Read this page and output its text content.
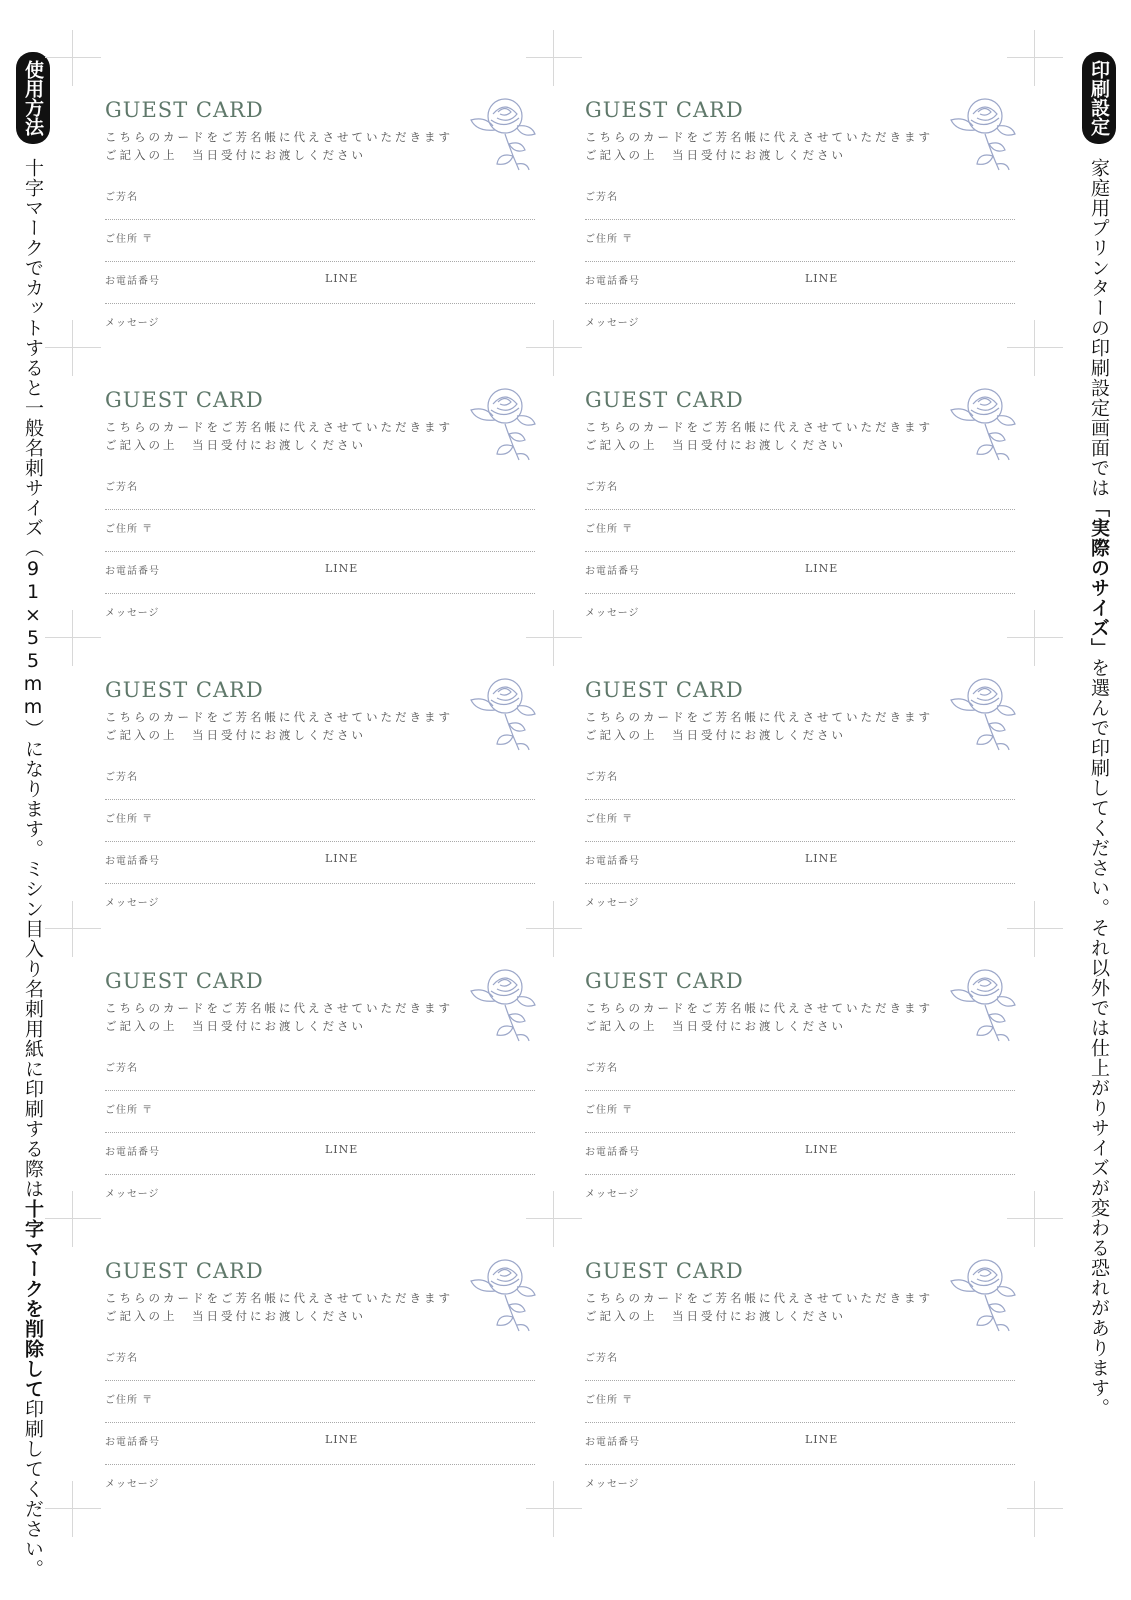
使用方法十字マークでカットすると一般名刺サイズ（91×55mm）になります。ミシン目入り名刺用紙に印刷する際は十字マークを削除して印刷してください。
印刷設定家庭用プリンターの印刷設定画面では「実際のサイズ」を選んで印刷してください。それ以外では仕上がりサイズが変わる恐れがあります。
GUEST CARD
こちらのカードをご芳名帳に代えさせていただきます
ご記入の上　当日受付にお渡しください
ご芳名
ご住所 〒
お電話番号	LINE
メッセージ
GUEST CARD
こちらのカードをご芳名帳に代えさせていただきます
ご記入の上　当日受付にお渡しください
ご芳名
ご住所 〒
お電話番号	LINE
メッセージ
GUEST CARD
こちらのカードをご芳名帳に代えさせていただきます
ご記入の上　当日受付にお渡しください
ご芳名
ご住所 〒
お電話番号	LINE
メッセージ
GUEST CARD
こちらのカードをご芳名帳に代えさせていただきます
ご記入の上　当日受付にお渡しください
ご芳名
ご住所 〒
お電話番号	LINE
メッセージ
GUEST CARD
こちらのカードをご芳名帳に代えさせていただきます
ご記入の上　当日受付にお渡しください
ご芳名
ご住所 〒
お電話番号	LINE
メッセージ
GUEST CARD
こちらのカードをご芳名帳に代えさせていただきます
ご記入の上　当日受付にお渡しください
ご芳名
ご住所 〒
お電話番号	LINE
メッセージ
GUEST CARD
こちらのカードをご芳名帳に代えさせていただきます
ご記入の上　当日受付にお渡しください
ご芳名
ご住所 〒
お電話番号	LINE
メッセージ
GUEST CARD
こちらのカードをご芳名帳に代えさせていただきます
ご記入の上　当日受付にお渡しください
ご芳名
ご住所 〒
お電話番号	LINE
メッセージ
GUEST CARD
こちらのカードをご芳名帳に代えさせていただきます
ご記入の上　当日受付にお渡しください
ご芳名
ご住所 〒
お電話番号	LINE
メッセージ
GUEST CARD
こちらのカードをご芳名帳に代えさせていただきます
ご記入の上　当日受付にお渡しください
ご芳名
ご住所 〒
お電話番号	LINE
メッセージ
